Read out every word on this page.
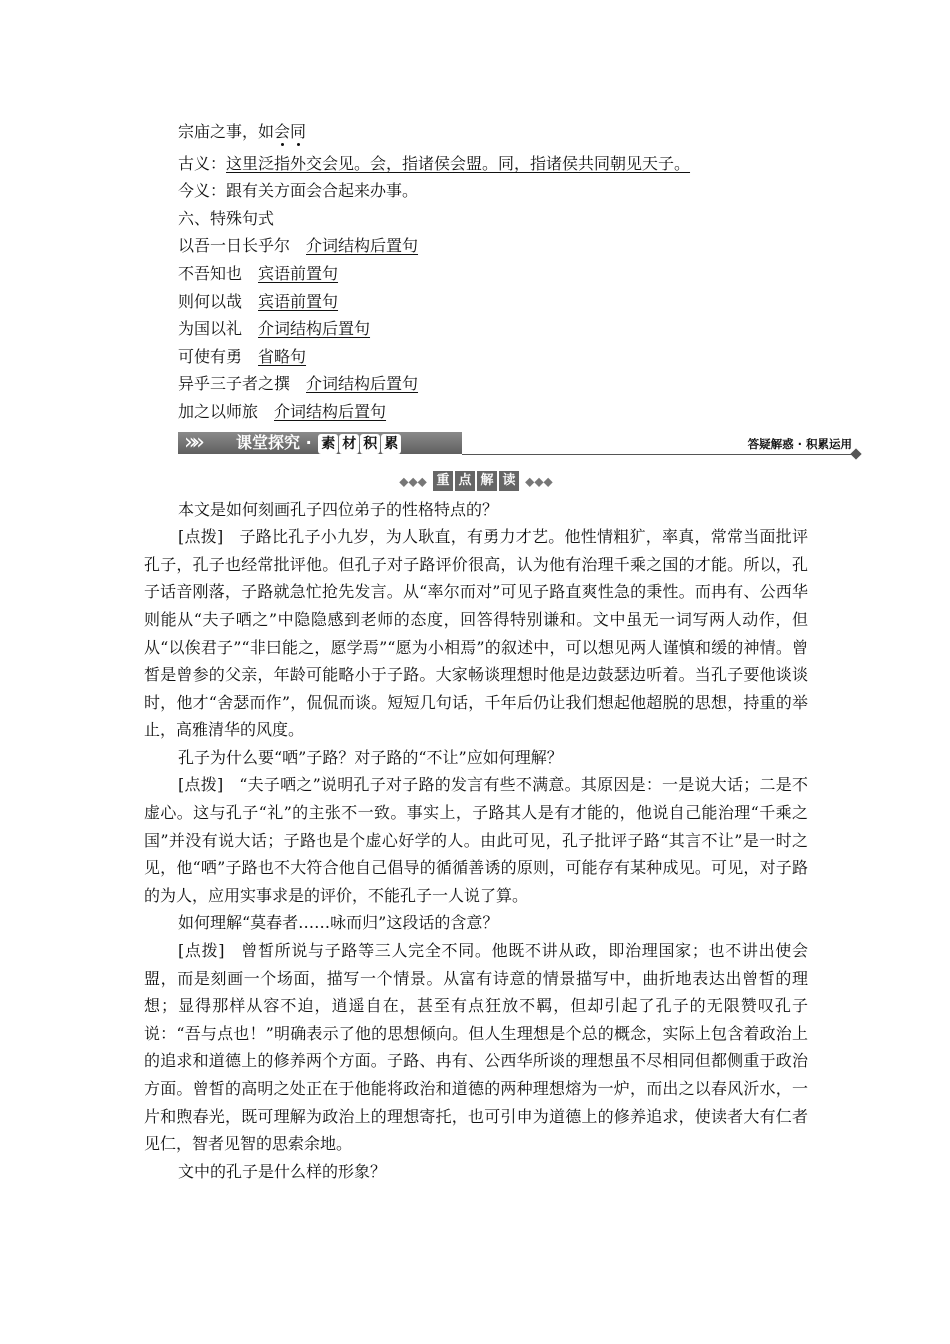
宗庙之事，如会同
古义：这里泛指外交会见。会，指诸侯会盟。同，指诸侯共同朝见天子。
今义：跟有关方面会合起来办事。
六、特殊句式
以吾一日长乎尔 介词结构后置句
不吾知也 宾语前置句
则何以哉 宾语前置句
为国以礼 介词结构后置句
可使有勇 省略句
异乎三子者之撰 介词结构后置句
加之以师旅 介词结构后置句
»» 课堂探究 · 素 材 积 累	答疑解惑 · 积累运用
◆◆◆ 重 点 解 读 ◆◆◆
本文是如何刻画孔子四位弟子的性格特点的？
[点拨] 子路比孔子小九岁，为人耿直，有勇力才艺。他性情粗犷，率真，常常当面批评孔子，孔子也经常批评他。但孔子对子路评价很高，认为他有治理千乘之国的才能。所以，孔子话音刚落，子路就急忙抢先发言。从“率尔而对”可见子路直爽性急的秉性。而冉有、公西华则能从“夫子哂之”中隐隐感到老师的态度，回答得特别谦和。文中虽无一词写两人动作，但从“以俟君子”“非曰能之，愿学焉”“愿为小相焉”的叙述中，可以想见两人谨慎和缓的神情。曾皙是曾参的父亲，年龄可能略小于子路。大家畅谈理想时他是边鼓瑟边听着。当孔子要他谈谈时，他才“舍瑟而作”，侃侃而谈。短短几句话，千年后仍让我们想起他超脱的思想，持重的举止，高雅清华的风度。
孔子为什么要“哂”子路？对子路的“不让”应如何理解？
[点拨] “夫子哂之”说明孔子对子路的发言有些不满意。其原因是：一是说大话；二是不虚心。这与孔子“礼”的主张不一致。事实上，子路其人是有才能的，他说自己能治理“千乘之国”并没有说大话；子路也是个虚心好学的人。由此可见，孔子批评子路“其言不让”是一时之见，他“哂”子路也不大符合他自己倡导的循循善诱的原则，可能存有某种成见。可见，对子路的为人，应用实事求是的评价，不能孔子一人说了算。
如何理解“莫春者……咏而归”这段话的含意？
[点拨] 曾皙所说与子路等三人完全不同。他既不讲从政，即治理国家；也不讲出使会盟，而是刻画一个场面，描写一个情景。从富有诗意的情景描写中，曲折地表达出曾皙的理想；显得那样从容不迫，逍遥自在，甚至有点狂放不羁，但却引起了孔子的无限赞叹孔子说：“吾与点也！”明确表示了他的思想倾向。但人生理想是个总的概念，实际上包含着政治上的追求和道德上的修养两个方面。子路、冉有、公西华所谈的理想虽不尽相同但都侧重于政治方面。曾皙的高明之处正在于他能将政治和道德的两种理想熔为一炉，而出之以春风沂水，一片和煦春光，既可理解为政治上的理想寄托，也可引申为道德上的修养追求，使读者大有仁者见仁，智者见智的思索余地。
文中的孔子是什么样的形象？
